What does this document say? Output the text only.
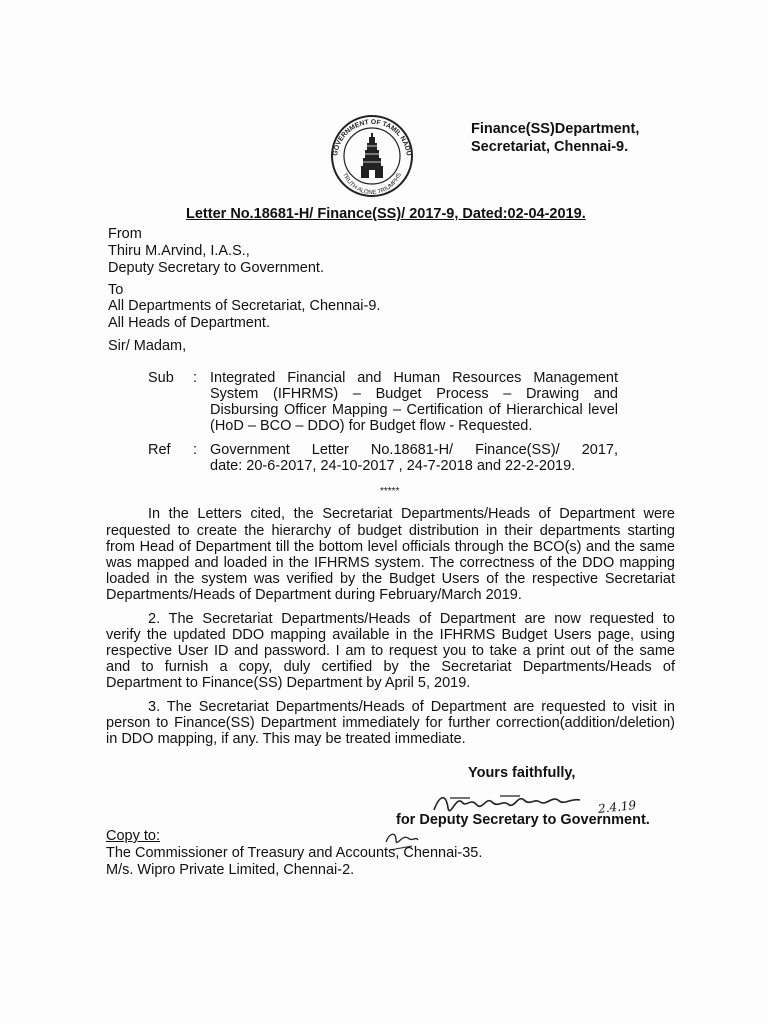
GOVERNMENT OF TAMIL NADU
TRUTH ALONE TRIUMPHS
Finance(SS)Department,
Secretariat, Chennai-9.
Letter No.18681-H/ Finance(SS)/ 2017-9, Dated:02-04-2019.
From
Thiru M.Arvind, I.A.S.,
Deputy Secretary to Government.
To
All Departments of Secretariat, Chennai-9.
All Heads of Department.
Sir/ Madam,
Sub : Integrated Financial and Human Resources Management
System (IFHRMS) – Budget Process – Drawing and
Disbursing Officer Mapping – Certification of Hierarchical level
(HoD – BCO – DDO) for Budget flow - Requested.
Ref : Government Letter No.18681-H/ Finance(SS)/ 2017,
date: 20-6-2017, 24-10-2017 , 24-7-2018 and 22-2-2019.
*****
In the Letters cited, the Secretariat Departments/Heads of Department were
requested to create the hierarchy of budget distribution in their departments starting
from Head of Department till the bottom level officials through the BCO(s) and the same
was mapped and loaded in the IFHRMS system. The correctness of the DDO mapping
loaded in the system was verified by the Budget Users of the respective Secretariat
Departments/Heads of Department during February/March 2019.
2. The Secretariat Departments/Heads of Department are now requested to
verify the updated DDO mapping available in the IFHRMS Budget Users page, using
respective User ID and password. I am to request you to take a print out of the same
and to furnish a copy, duly certified by the Secretariat Departments/Heads of
Department to Finance(SS) Department by April 5, 2019.
3. The Secretariat Departments/Heads of Department are requested to visit in
person to Finance(SS) Department immediately for further correction(addition/deletion)
in DDO mapping, if any. This may be treated immediate.
Yours faithfully,
2.4.19
for Deputy Secretary to Government.
Copy to:
The Commissioner of Treasury and Accounts, Chennai-35.
M/s. Wipro Private Limited, Chennai-2.
